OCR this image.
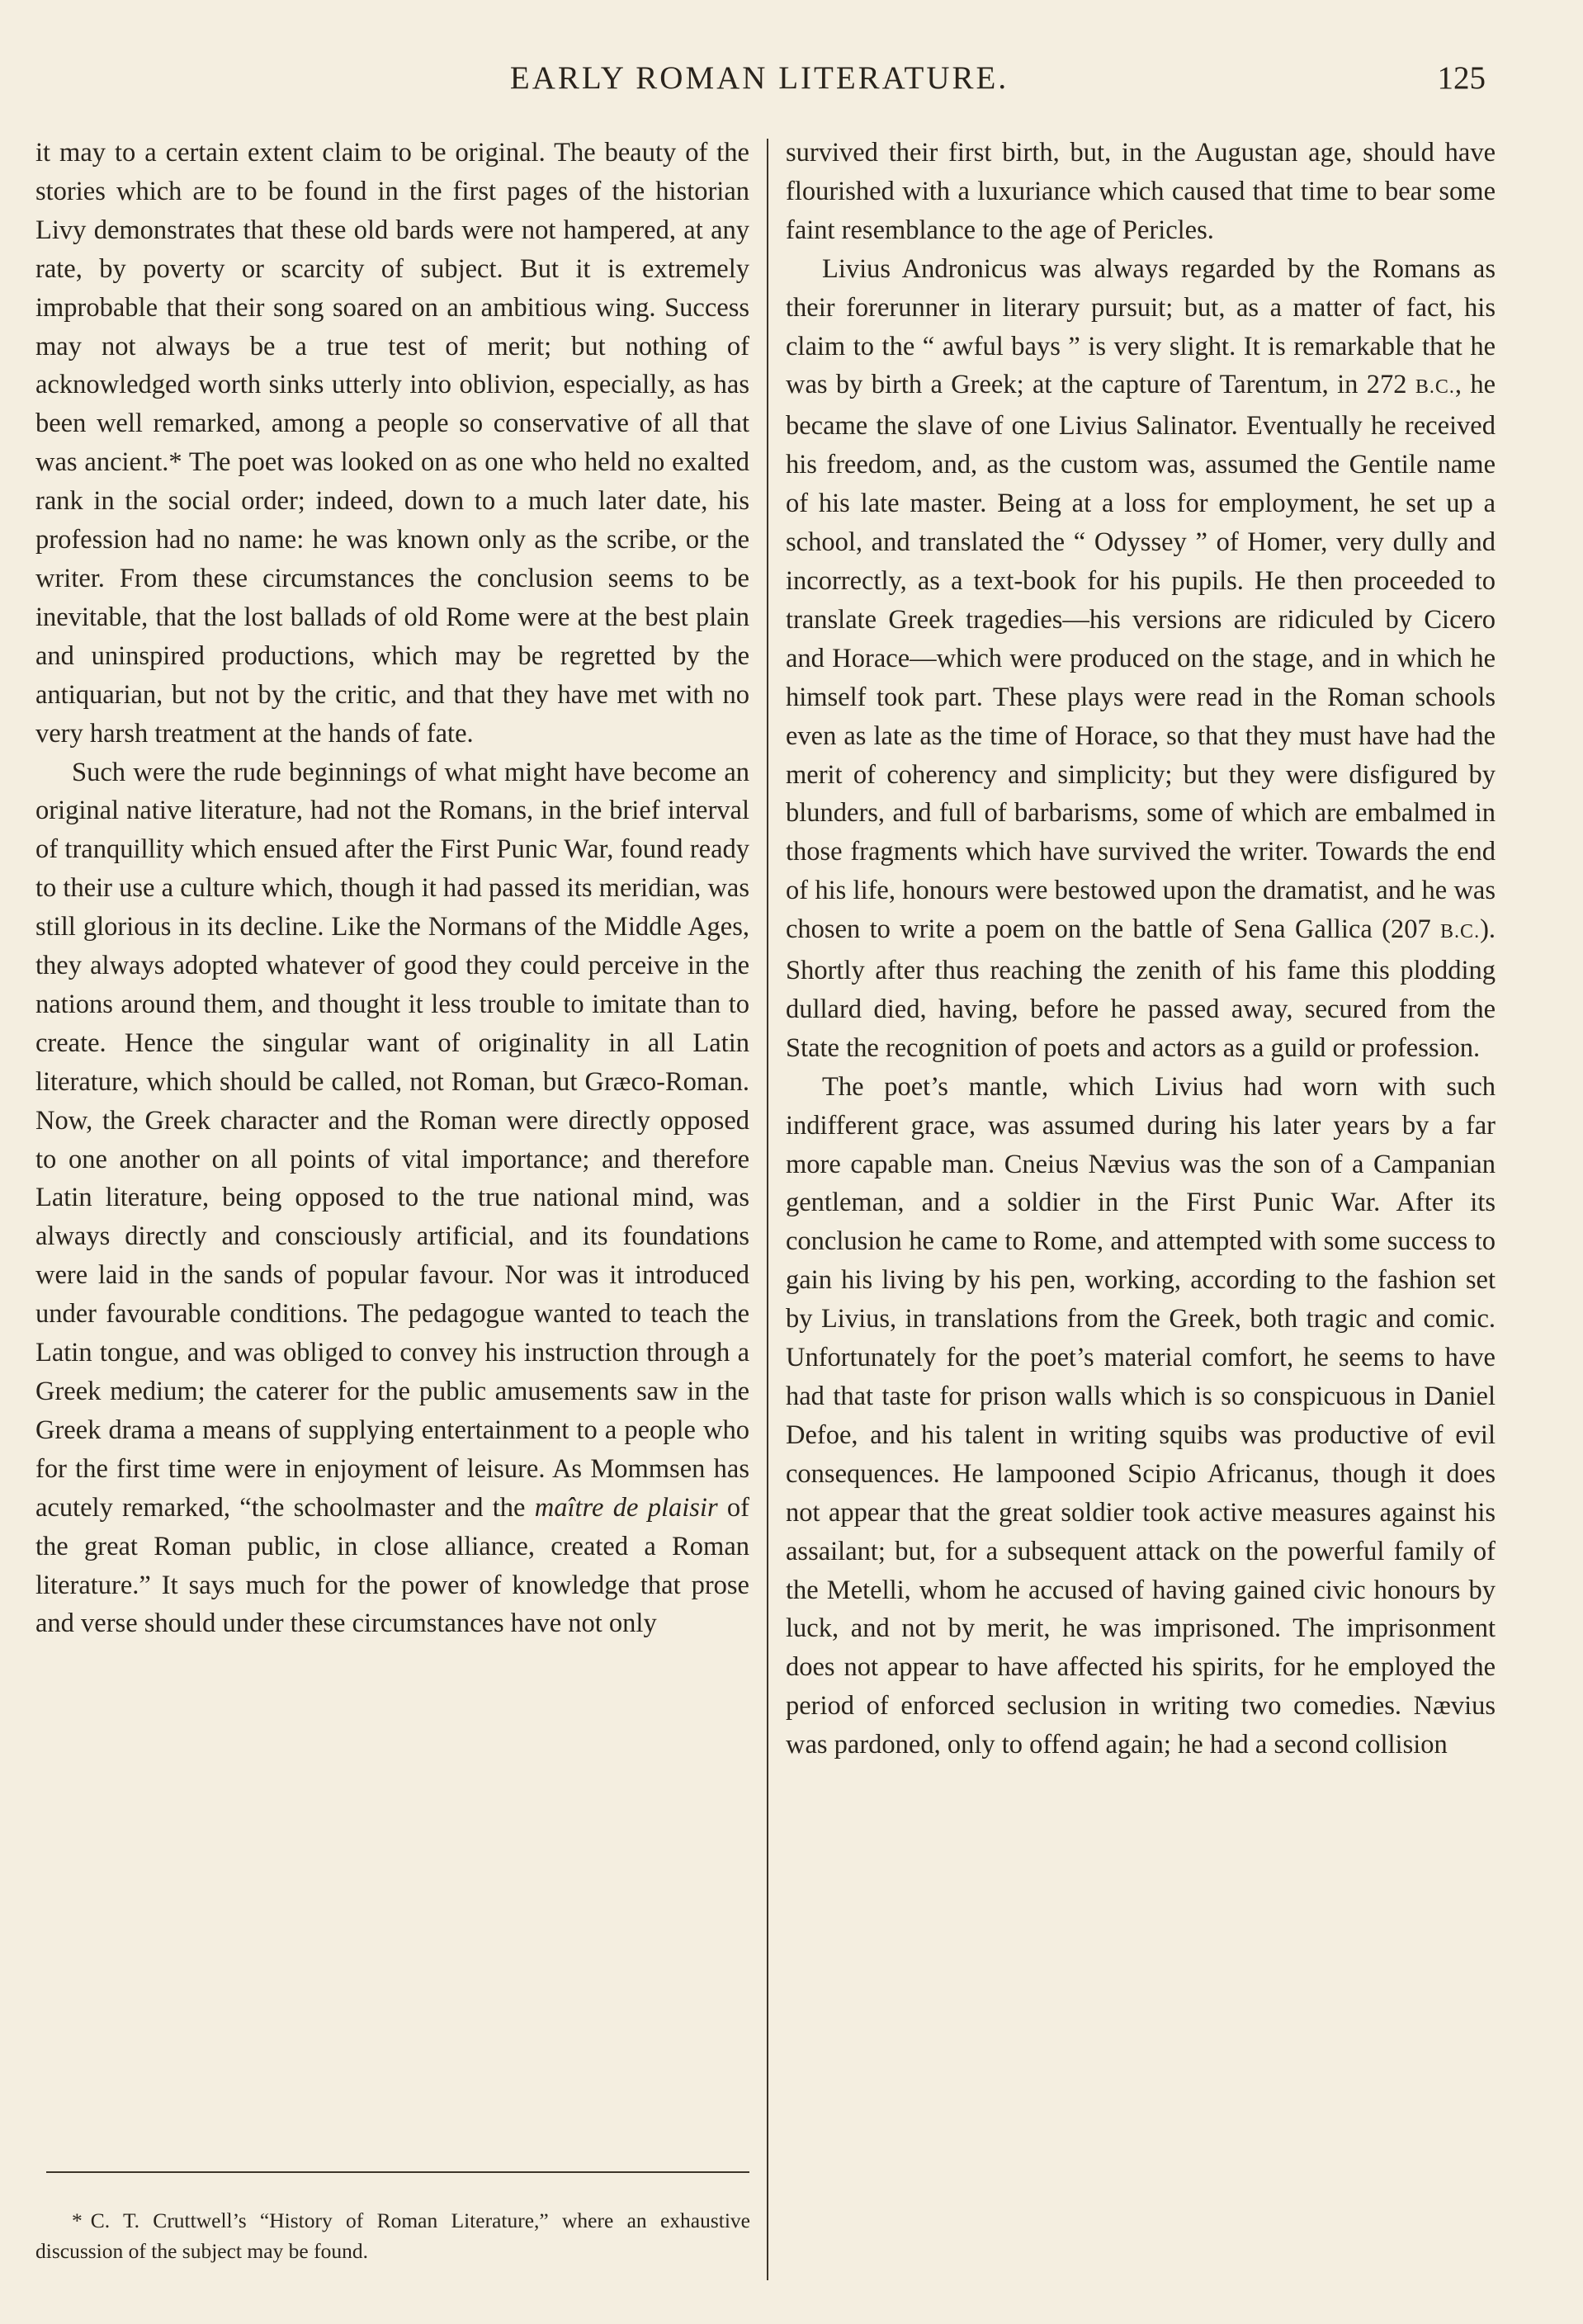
EARLY ROMAN LITERATURE.	125

it may to a certain extent claim to be original. The beauty of the stories which are to be found in the first pages of the historian Livy demonstrates that these old bards were not hampered, at any rate, by poverty or scarcity of subject. But it is extremely improbable that their song soared on an ambitious wing. Success may not always be a true test of merit; but nothing of acknowledged worth sinks utterly into oblivion, especially, as has been well remarked, among a people so conservative of all that was ancient.* The poet was looked on as one who held no exalted rank in the social order; indeed, down to a much later date, his profession had no name: he was known only as the scribe, or the writer. From these circumstances the conclusion seems to be inevitable, that the lost ballads of old Rome were at the best plain and uninspired productions, which may be regretted by the antiquarian, but not by the critic, and that they have met with no very harsh treatment at the hands of fate.

Such were the rude beginnings of what might have become an original native literature, had not the Romans, in the brief interval of tranquillity which ensued after the First Punic War, found ready to their use a culture which, though it had passed its meridian, was still glorious in its decline. Like the Normans of the Middle Ages, they always adopted whatever of good they could perceive in the nations around them, and thought it less trouble to imitate than to create. Hence the singular want of originality in all Latin literature, which should be called, not Roman, but Græco-Roman. Now, the Greek character and the Roman were directly opposed to one another on all points of vital importance; and therefore Latin literature, being opposed to the true national mind, was always directly and consciously artificial, and its foundations were laid in the sands of popular favour. Nor was it introduced under favourable conditions. The pedagogue wanted to teach the Latin tongue, and was obliged to convey his instruction through a Greek medium; the caterer for the public amusements saw in the Greek drama a means of supplying entertainment to a people who for the first time were in enjoyment of leisure. As Mommsen has acutely remarked, “the schoolmaster and the maître de plaisir of the great Roman public, in close alliance, created a Roman literature.” It says much for the power of knowledge that prose and verse should under these circumstances have not only

survived their first birth, but, in the Augustan age, should have flourished with a luxuriance which caused that time to bear some faint resemblance to the age of Pericles.

Livius Andronicus was always regarded by the Romans as their forerunner in literary pursuit; but, as a matter of fact, his claim to the “ awful bays ” is very slight. It is remarkable that he was by birth a Greek; at the capture of Tarentum, in 272 B.C., he became the slave of one Livius Salinator. Eventually he received his freedom, and, as the custom was, assumed the Gentile name of his late master. Being at a loss for employment, he set up a school, and translated the “ Odyssey ” of Homer, very dully and incorrectly, as a text-book for his pupils. He then proceeded to translate Greek tragedies—his versions are ridiculed by Cicero and Horace—which were produced on the stage, and in which he himself took part. These plays were read in the Roman schools even as late as the time of Horace, so that they must have had the merit of coherency and simplicity; but they were disfigured by blunders, and full of barbarisms, some of which are embalmed in those fragments which have survived the writer. Towards the end of his life, honours were bestowed upon the dramatist, and he was chosen to write a poem on the battle of Sena Gallica (207 B.C.). Shortly after thus reaching the zenith of his fame this plodding dullard died, having, before he passed away, secured from the State the recognition of poets and actors as a guild or profession.

The poet’s mantle, which Livius had worn with such indifferent grace, was assumed during his later years by a far more capable man. Cneius Nævius was the son of a Campanian gentleman, and a soldier in the First Punic War. After its conclusion he came to Rome, and attempted with some success to gain his living by his pen, working, according to the fashion set by Livius, in translations from the Greek, both tragic and comic. Unfortunately for the poet’s material comfort, he seems to have had that taste for prison walls which is so conspicuous in Daniel Defoe, and his talent in writing squibs was productive of evil consequences. He lampooned Scipio Africanus, though it does not appear that the great soldier took active measures against his assailant; but, for a subsequent attack on the powerful family of the Metelli, whom he accused of having gained civic honours by luck, and not by merit, he was imprisoned. The imprisonment does not appear to have affected his spirits, for he employed the period of enforced seclusion in writing two comedies. Nævius was pardoned, only to offend again; he had a second collision

* C. T. Cruttwell’s “History of Roman Literature,” where an exhaustive discussion of the subject may be found.
